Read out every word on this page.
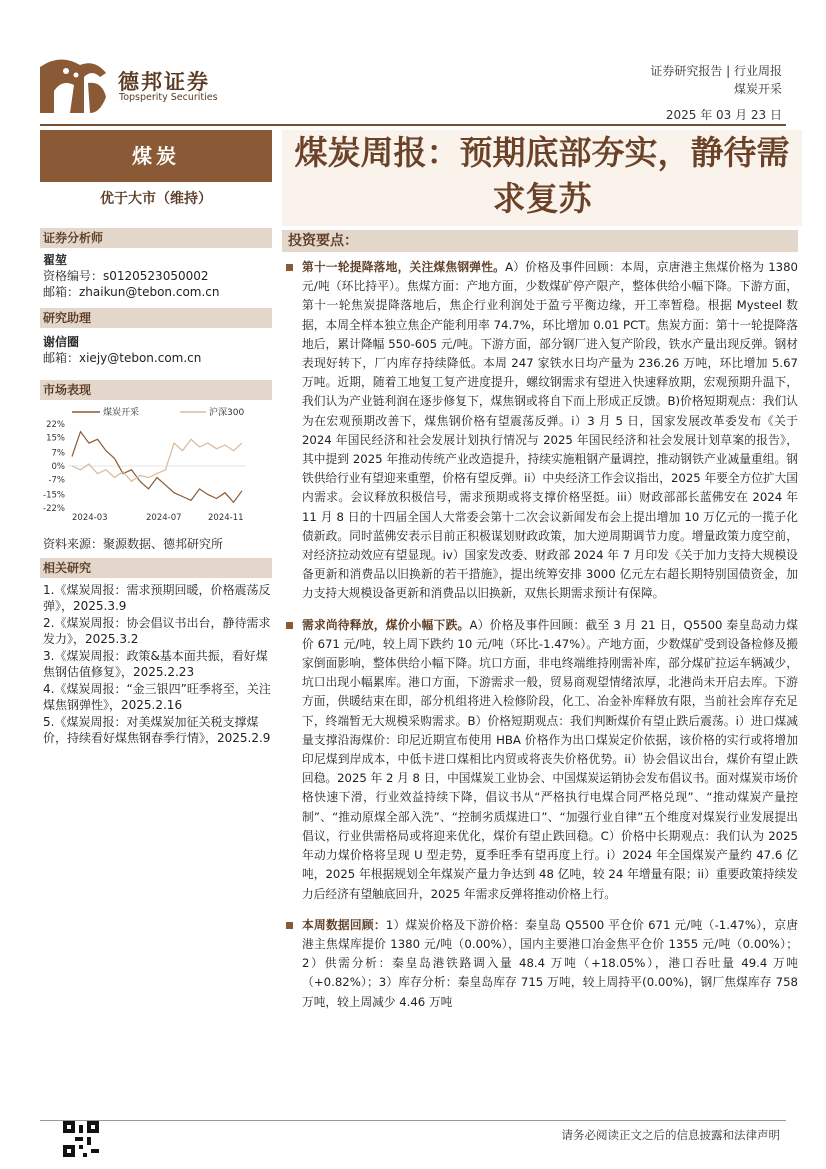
德邦证券
Topsperity Securities
证券研究报告 | 行业周报
煤炭开采
2025 年 03 月 23 日
煤炭
优于大市（维持）
煤炭周报：预期底部夯实，静待需求复苏
证券分析师
翟堃
资格编号：s0120523050002
邮箱：zhaikun@tebon.com.cn
研究助理
谢信圈
邮箱：xiejy@tebon.com.cn
市场表现
煤炭开采	沪深300
22%
15%
7%
0%
-7%
-15%
-22%
2024-03	2024-07	2024-11
资料来源：聚源数据、德邦研究所
相关研究

1.《煤炭周报：需求预期回暖，价格震荡反弹》，2025.3.9

2.《煤炭周报：协会倡议书出台，静待需求发力》，2025.3.2

3.《煤炭周报：政策&基本面共振，看好煤焦钢估值修复》，2025.2.23

4.《煤炭周报：“金三银四”旺季将至，关注煤焦钢弹性》，2025.2.16

5.《煤炭周报：对美煤炭加征关税支撑煤价，持续看好煤焦钢春季行情》，2025.2.9

投资要点：
第十一轮提降落地，关注煤焦钢弹性。A）价格及事件回顾：本周，京唐港主焦煤价格为 1380 元/吨（环比持平）。焦煤方面：产地方面，少数煤矿停产限产，整体供给小幅下降。下游方面，第十一轮焦炭提降落地后，焦企行业利润处于盈亏平衡边缘，开工率暂稳。根据 Mysteel 数据，本周全样本独立焦企产能利用率 74.7%，环比增加 0.01 PCT。焦炭方面：第十一轮提降落地后，累计降幅 550-605 元/吨。下游方面，部分钢厂进入复产阶段，铁水产量出现反弹。钢材表现好转下，厂内库存持续降低。本周 247 家铁水日均产量为 236.26 万吨，环比增加 5.67 万吨。近期，随着工地复工复产进度提升，螺纹钢需求有望进入快速释放期，宏观预期升温下，我们认为产业链利润在逐步修复下，煤焦钢或将自下而上形成正反馈。B)价格短期观点：我们认为在宏观预期改善下，煤焦钢价格有望震荡反弹。i）3 月 5 日，国家发展改革委发布《关于 2024 年国民经济和社会发展计划执行情况与 2025 年国民经济和社会发展计划草案的报告》，其中提到 2025 年推动传统产业改造提升，持续实施粗钢产量调控，推动钢铁产业减量重组。钢铁供给行业有望迎来重塑，价格有望反弹。ii）中央经济工作会议指出，2025 年要全方位扩大国内需求。会议释放积极信号，需求预期或将支撑价格坚挺。iii）财政部部长蓝佛安在 2024 年 11 月 8 日的十四届全国人大常委会第十二次会议新闻发布会上提出增加 10 万亿元的一揽子化债新政。同时蓝佛安表示目前正积极谋划财政政策，加大逆周期调节力度。增量政策力度空前，对经济拉动效应有望显现。iv）国家发改委、财政部 2024 年 7 月印发《关于加力支持大规模设备更新和消费品以旧换新的若干措施》，提出统筹安排 3000 亿元左右超长期特别国债资金，加力支持大规模设备更新和消费品以旧换新，双焦长期需求预计有保障。
需求尚待释放，煤价小幅下跌。A）价格及事件回顾：截至 3 月 21 日，Q5500 秦皇岛动力煤价 671 元/吨，较上周下跌约 10 元/吨（环比-1.47%）。产地方面，少数煤矿受到设备检修及搬家倒面影响，整体供给小幅下降。坑口方面，非电终端维持刚需补库，部分煤矿拉运车辆减少，坑口出现小幅累库。港口方面，下游需求一般，贸易商观望情绪浓厚，北港尚未开启去库。下游方面，供暖结束在即，部分机组将进入检修阶段，化工、冶金补库释放有限，当前社会库存充足下，终端暂无大规模采购需求。B）价格短期观点：我们判断煤价有望止跌后震荡。i）进口煤减量支撑沿海煤价：印尼近期宣布使用 HBA 价格作为出口煤炭定价依据，该价格的实行或将增加印尼煤到岸成本，中低卡进口煤相比内贸或将丧失价格优势。ii）协会倡议出台，煤价有望止跌回稳。2025 年 2 月 8 日，中国煤炭工业协会、中国煤炭运销协会发布倡议书。面对煤炭市场价格快速下滑，行业效益持续下降，倡议书从“严格执行电煤合同严格兑现”、“推动煤炭产量控制”、“推动原煤全部入洗”、“控制劣质煤进口”、“加强行业自律”五个维度对煤炭行业发展提出倡议，行业供需格局或将迎来优化，煤价有望止跌回稳。C）价格中长期观点：我们认为 2025 年动力煤价格将呈现 U 型走势，夏季旺季有望再度上行。i）2024 年全国煤炭产量约 47.6 亿吨，2025 年根据规划全年煤炭产量力争达到 48 亿吨，较 24 年增量有限；ii）重要政策持续发力后经济有望触底回升，2025 年需求反弹将推动价格上行。
本周数据回顾：1）煤炭价格及下游价格：秦皇岛 Q5500 平仓价 671 元/吨（-1.47%），京唐港主焦煤库提价 1380 元/吨（0.00%），国内主要港口冶金焦平仓价 1355 元/吨（0.00%）；2）供需分析：秦皇岛港铁路调入量 48.4 万吨（+18.05%），港口吞吐量 49.4 万吨（+0.82%）；3）库存分析：秦皇岛库存 715 万吨，较上周持平(0.00%)，钢厂焦煤库存 758 万吨，较上周减少 4.46 万吨
请务必阅读正文之后的信息披露和法律声明
